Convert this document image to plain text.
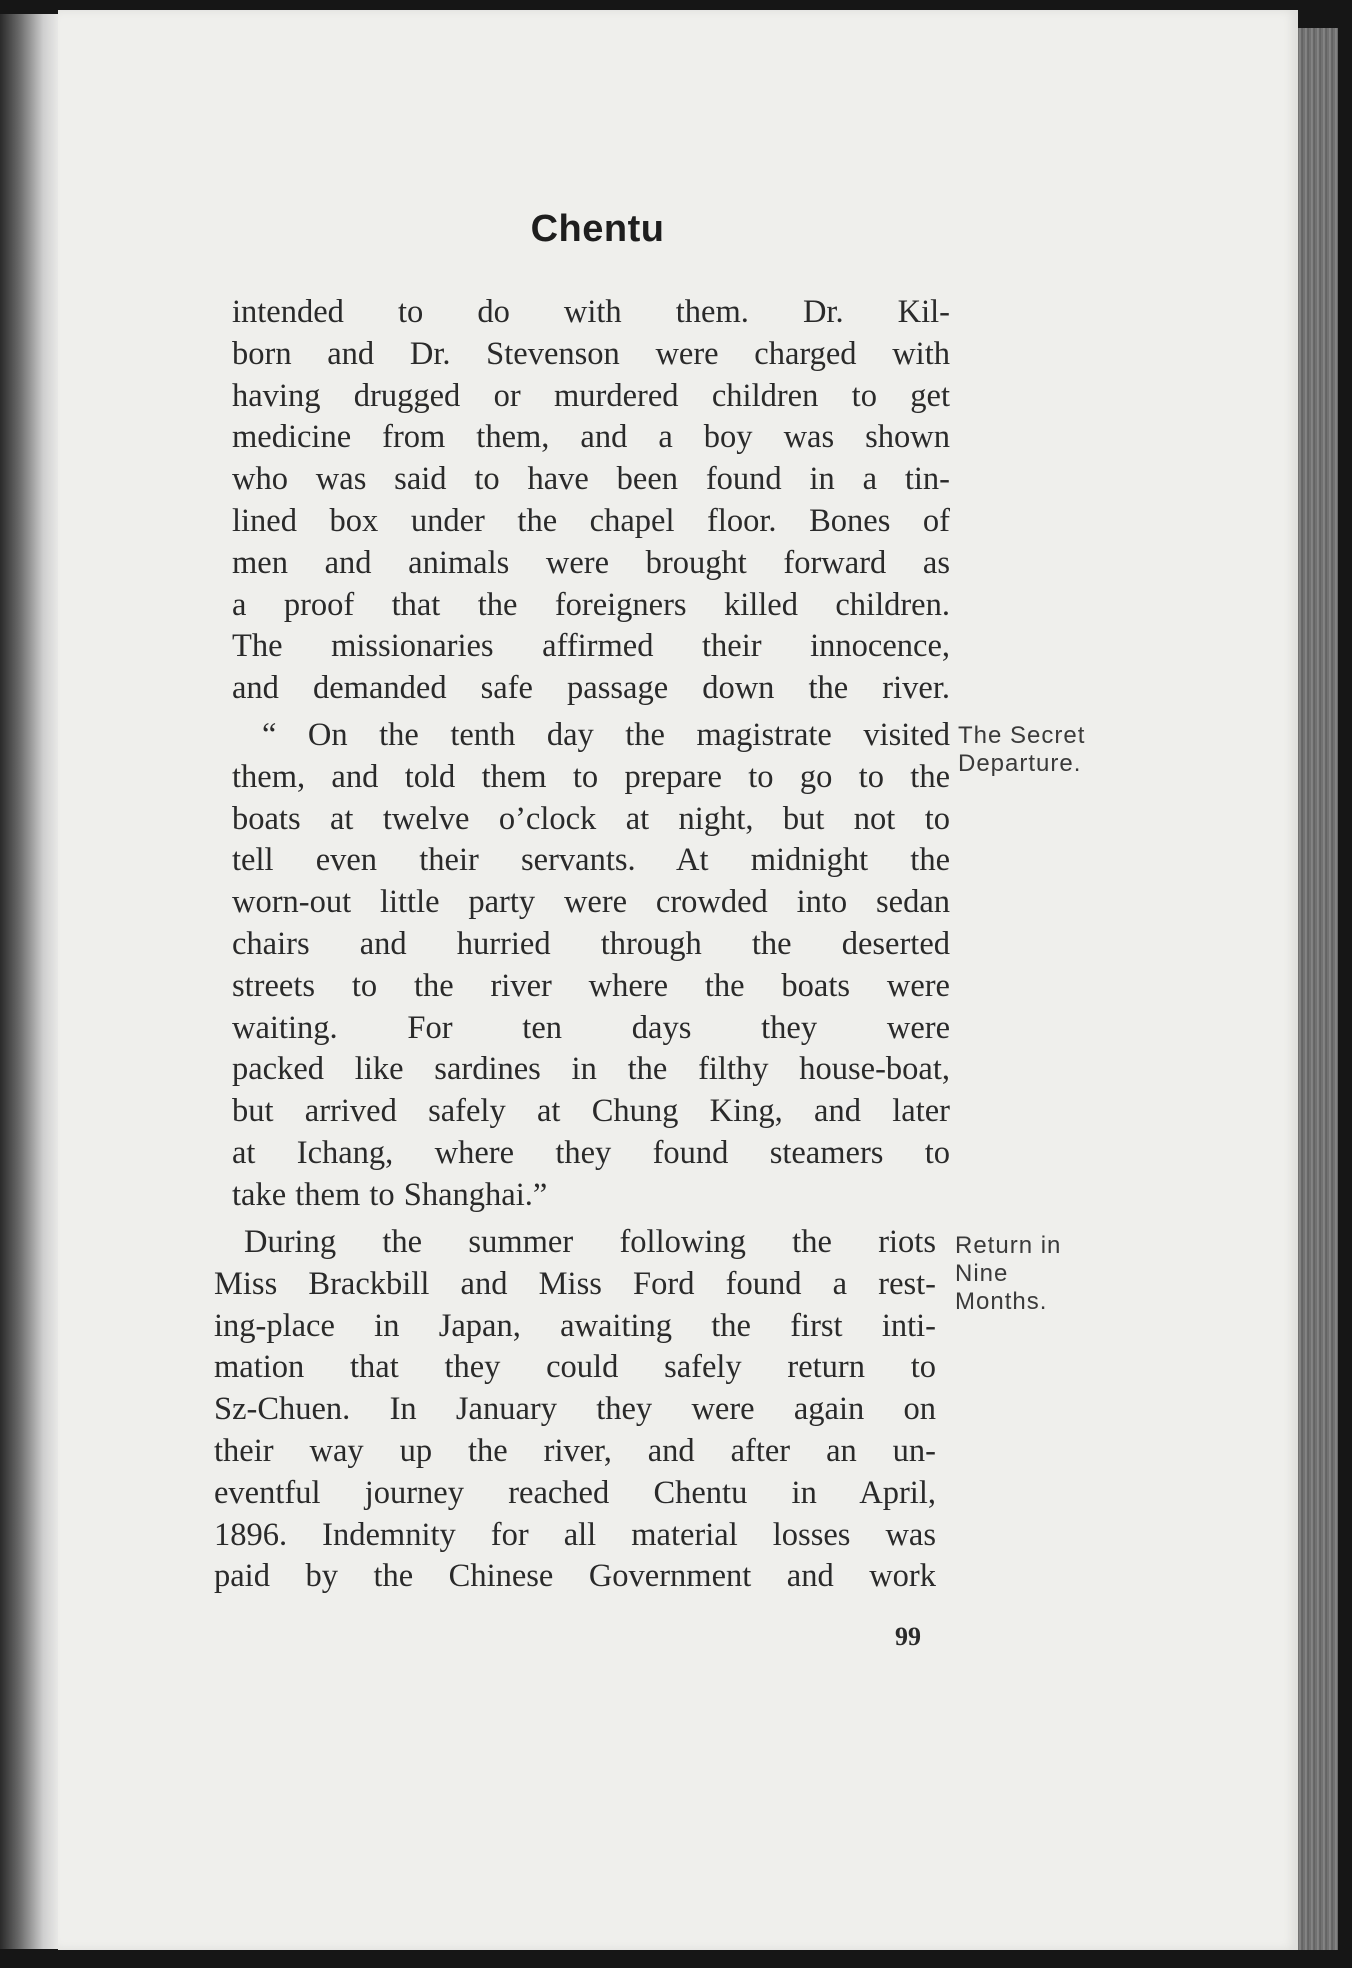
Chentu
intended to do with them. Dr. Kil-
born and Dr. Stevenson were charged with
having drugged or murdered children to get
medicine from them, and a boy was shown
who was said to have been found in a tin-
lined box under the chapel floor. Bones of
men and animals were brought forward as
a proof that the foreigners killed children.
The missionaries affirmed their innocence,
and demanded safe passage down the river.
“ On the tenth day the magistrate visited
them, and told them to prepare to go to the
boats at twelve o’clock at night, but not to
tell even their servants. At midnight the
worn-out little party were crowded into sedan
chairs and hurried through the deserted
streets to the river where the boats were
waiting. For ten days they were
packed like sardines in the filthy house-boat,
but arrived safely at Chung King, and later
at Ichang, where they found steamers to
take them to Shanghai.”
During the summer following the riots
Miss Brackbill and Miss Ford found a rest-
ing-place in Japan, awaiting the first inti-
mation that they could safely return to
Sz-Chuen. In January they were again on
their way up the river, and after an un-
eventful journey reached Chentu in April,
1896. Indemnity for all material losses was
paid by the Chinese Government and work
The Secret
Departure.
Return in
Nine
Months.
99
